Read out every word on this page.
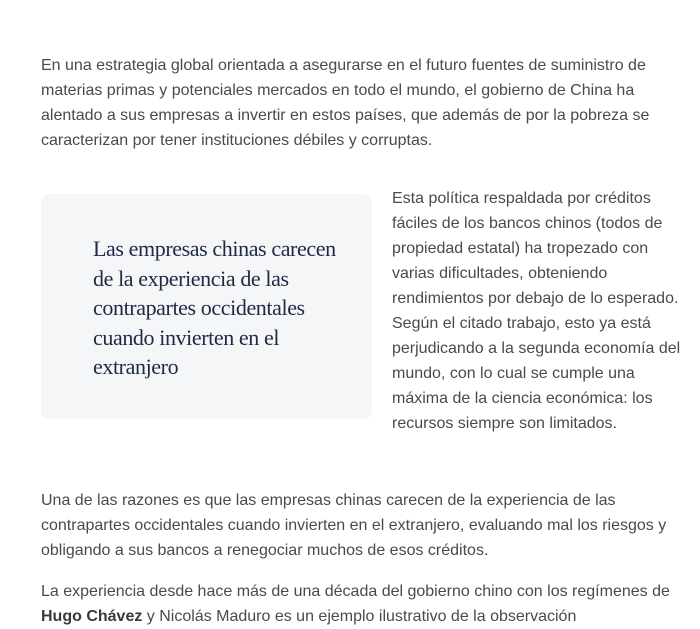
En una estrategia global orientada a asegurarse en el futuro fuentes de suministro de materias primas y potenciales mercados en todo el mundo, el gobierno de China ha alentado a sus empresas a invertir en estos países, que además de por la pobreza se caracterizan por tener instituciones débiles y corruptas.

Las empresas chinas carecen de la experiencia de las contrapartes occidentales cuando invierten en el extranjero

Esta política respaldada por créditos fáciles de los bancos chinos (todos de propiedad estatal) ha tropezado con varias dificultades, obteniendo rendimientos por debajo de lo esperado. Según el citado trabajo, esto ya está perjudicando a la segunda economía del mundo, con lo cual se cumple una máxima de la ciencia económica: los recursos siempre son limitados.

Una de las razones es que las empresas chinas carecen de la experiencia de las contrapartes occidentales cuando invierten en el extranjero, evaluando mal los riesgos y obligando a sus bancos a renegociar muchos de esos créditos.

La experiencia desde hace más de una década del gobierno chino con los regímenes de Hugo Chávez y Nicolás Maduro es un ejemplo ilustrativo de la observación
